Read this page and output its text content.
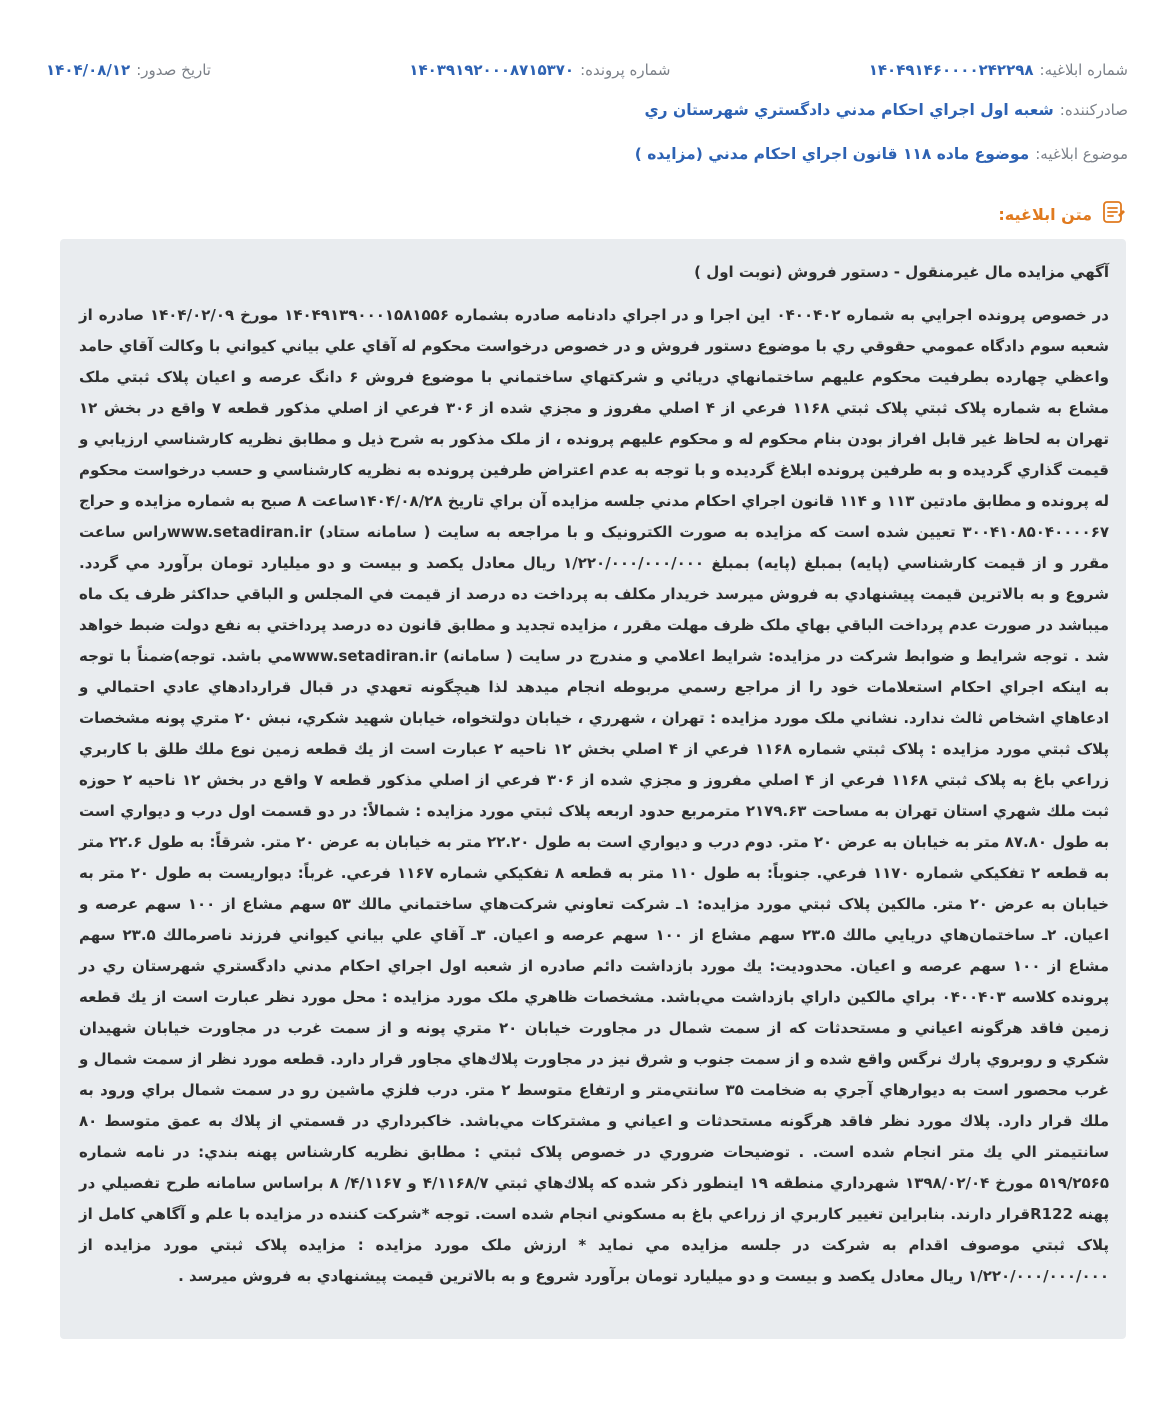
شماره ابلاغيه:
۱۴۰۴۹۱۴۶۰۰۰۰۲۴۲۲۹۸
شماره پرونده:
۱۴۰۳۹۱۹۲۰۰۰۸۷۱۵۳۷۰
تاريخ صدور:
۱۴۰۴/۰۸/۱۲
صادرکننده:
شعبه اول اجراي احکام مدني دادگستري شهرستان ري
موضوع ابلاغيه:
موضوع ماده ۱۱۸ قانون اجراي احکام مدني (مزايده )
متن ابلاغيه:
آگهي مزايده مال غيرمنقول - دستور فروش (نوبت اول )
در خصوص پرونده اجرايي به شماره ۰۴۰۰۴۰۲ اين اجرا و در اجراي دادنامه صادره بشماره ۱۴۰۴۹۱۳۹۰۰۰۱۵۸۱۵۵۶ مورخ ۱۴۰۴/۰۲/۰۹ صادره از شعبه سوم دادگاه عمومي حقوقي ري با موضوع دستور فروش و در خصوص درخواست محکوم له آقاي علي بياني کيواني با وکالت آقاي حامد واعظي چهارده بطرفيت محکوم عليهم ساختمانهاي دريائي و شرکتهاي ساختماني با موضوع فروش ۶ دانگ عرصه و اعيان پلاک ثبتي ملک مشاع به شماره پلاک ثبتي پلاک ثبتي ۱۱۶۸ فرعي از ۴ اصلي مفروز و مجزي شده از ۳۰۶ فرعي از اصلي مذکور قطعه ۷ واقع در بخش ۱۲ تهران به لحاظ غير قابل افراز بودن بنام محکوم له و محکوم عليهم پرونده ، از ملک مذکور به شرح ذيل و مطابق نظريه کارشناسي ارزيابي و قيمت گذاري گرديده و به طرفين پرونده ابلاغ گرديده و با توجه به عدم اعتراض طرفين پرونده به نظريه کارشناسي و حسب درخواست محکوم له پرونده و مطابق مادتين ۱۱۳ و ۱۱۴ قانون اجراي احکام مدني جلسه مزايده آن براي تاريخ ۱۴۰۴/۰۸/۲۸ساعت ۸ صبح به شماره مزايده و حراج ۳۰۰۴۱۰۸۵۰۴۰۰۰۰۶۷ تعيين شده است که مزايده به صورت الکترونيک و با مراجعه به سايت ( سامانه ستاد) www.setadiran.irراس ساعت مقرر و از قيمت کارشناسي (پايه) بمبلغ (پايه) بمبلغ ۱/۲۲۰/۰۰۰/۰۰۰/۰۰۰ ريال معادل يکصد و بيست و دو ميليارد تومان برآورد مي گردد. شروع و به بالاترين قيمت پيشنهادي به فروش ميرسد خريدار مکلف به پرداخت ده درصد از قيمت في المجلس و الباقي حداکثر ظرف يک ماه ميباشد در صورت عدم پرداخت الباقي بهاي ملک ظرف مهلت مقرر ، مزايده تجديد و مطابق قانون ده درصد پرداختي به نفع دولت ضبط خواهد شد . توجه شرايط و ضوابط شرکت در مزايده: شرايط اعلامي و مندرج در سايت ( سامانه) www.setadiran.irمي باشد. توجه)ضمناً با توجه به اينکه اجراي احکام استعلامات خود را از مراجع رسمي مربوطه انجام ميدهد لذا هيچگونه تعهدي در قبال قراردادهاي عادي احتمالي و ادعاهاي اشخاص ثالث ندارد. نشاني ملک مورد مزايده : تهران ، شهرري ، خيابان دولتخواه، خيابان شهيد شکري، نبش ۲۰ متري پونه مشخصات پلاک ثبتي مورد مزايده : پلاک ثبتي شماره ۱۱۶۸ فرعي از ۴ اصلي بخش ۱۲ ناحيه ۲ عبارت است از يك قطعه زمين نوع ملك طلق با کاربري زراعي باغ به پلاک ثبتي ۱۱۶۸ فرعي از ۴ اصلي مفروز و مجزي شده از ۳۰۶ فرعي از اصلي مذکور قطعه ۷ واقع در بخش ۱۲ ناحيه ۲ حوزه ثبت ملك شهري استان تهران به مساحت ۲۱۷۹.۶۳ مترمربع حدود اربعه پلاک ثبتي مورد مزايده : شمالاً: در دو قسمت اول درب و ديواري است به طول ۸۷.۸۰ متر به خيابان به عرض ۲۰ متر. دوم درب و ديواري است به طول ۲۲.۲۰ متر به خيابان به عرض ۲۰ متر. شرقاً: به طول ۲۲.۶ متر به قطعه ۲ تفکيکي شماره ۱۱۷۰ فرعي. جنوباً: به طول ۱۱۰ متر به قطعه ۸ تفکيکي شماره ۱۱۶۷ فرعي. غرباً: ديواريست به طول ۲۰ متر به خيابان به عرض ۲۰ متر. مالکين پلاک ثبتي مورد مزايده: ۱ـ شرکت تعاوني شرکت‌هاي ساختماني مالك ۵۳ سهم مشاع از ۱۰۰ سهم عرصه و اعيان. ۲ـ ساختمان‌هاي دريايي مالك ۲۳.۵ سهم مشاع از ۱۰۰ سهم عرصه و اعيان. ۳ـ آقاي علي بياني کيواني فرزند ناصرمالك ۲۳.۵ سهم مشاع از ۱۰۰ سهم عرصه و اعيان. محدوديت: يك مورد بازداشت دائم صادره از شعبه اول اجراي احکام مدني دادگستري شهرستان ري در پرونده کلاسه ۰۴۰۰۴۰۳ براي مالکين داراي بازداشت مي‌باشد. مشخصات ظاهري ملک مورد مزايده : محل مورد نظر عبارت است از يك قطعه زمين فاقد هرگونه اعياني و مستحدثات که از سمت شمال در مجاورت خيابان ۲۰ متري پونه و از سمت غرب در مجاورت خيابان شهيدان شکري و روبروي پارك نرگس واقع شده و از سمت جنوب و شرق نيز در مجاورت پلاك‌هاي مجاور قرار دارد. قطعه مورد نظر از سمت شمال و غرب محصور است به ديوارهاي آجري به ضخامت ۳۵ سانتي‌متر و ارتفاع متوسط ۲ متر. درب فلزي ماشين رو در سمت شمال براي ورود به ملك قرار دارد. پلاك مورد نظر فاقد هرگونه مستحدثات و اعياني و مشترکات مي‌باشد. خاکبرداري در قسمتي از پلاك به عمق متوسط ۸۰ سانتيمتر الي يك متر انجام شده است. . توضيحات ضروري در خصوص پلاک ثبتي : مطابق نظريه کارشناس پهنه بندي: در نامه شماره ۵۱۹/۲۵۶۵ مورخ ۱۳۹۸/۰۲/۰۴ شهرداري منطقه ۱۹ اينطور ذكر شده كه پلاك‌هاي ثبتي ۴/۱۱۶۸/۷ و ۴/۱۱۶۷/ ۸ براساس سامانه طرح تفصيلي در پهنه R122قرار دارند. بنابراين تغيير کاربري از زراعي باغ به مسکوني انجام شده است. توجه *شرکت کننده در مزايده با علم و آگاهي کامل از پلاک ثبتي موصوف اقدام به شرکت در جلسه مزايده مي نمايد * ارزش ملک مورد مزايده : مزايده پلاک ثبتي مورد مزايده از ۱/۲۲۰/۰۰۰/۰۰۰/۰۰۰ ريال معادل يکصد و بيست و دو ميليارد تومان برآورد شروع و به بالاترين قيمت پيشنهادي به فروش ميرسد .
